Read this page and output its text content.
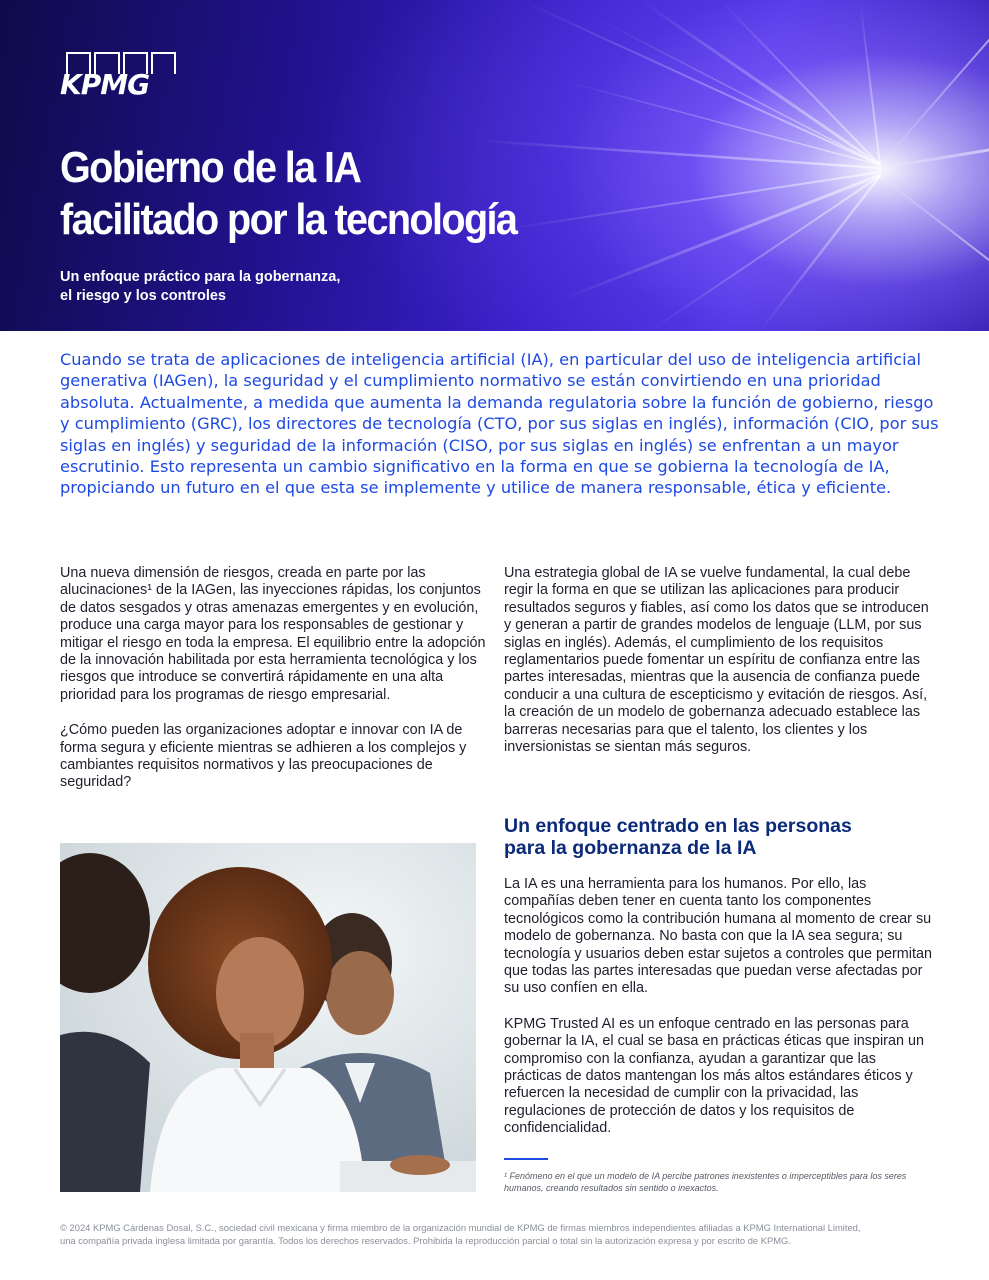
KPMG
Gobierno de la IA
facilitado por la tecnología
Un enfoque práctico para la gobernanza,
el riesgo y los controles

Cuando se trata de aplicaciones de inteligencia artificial (IA), en particular del uso de inteligencia artificial generativa (IAGen), la seguridad y el cumplimiento normativo se están convirtiendo en una prioridad absoluta. Actualmente, a medida que aumenta la demanda regulatoria sobre la función de gobierno, riesgo y cumplimiento (GRC), los directores de tecnología (CTO, por sus siglas en inglés), información (CIO, por sus siglas en inglés) y seguridad de la información (CISO, por sus siglas en inglés) se enfrentan a un mayor escrutinio. Esto representa un cambio significativo en la forma en que se gobierna la tecnología de IA, propiciando un futuro en el que esta se implemente y utilice de manera responsable, ética y eficiente.

Una nueva dimensión de riesgos, creada en parte por las alucinaciones¹ de la IAGen, las inyecciones rápidas, los conjuntos de datos sesgados y otras amenazas emergentes y en evolución, produce una carga mayor para los responsables de gestionar y mitigar el riesgo en toda la empresa. El equilibrio entre la adopción de la innovación habilitada por esta herramienta tecnológica y los riesgos que introduce se convertirá rápidamente en una alta prioridad para los programas de riesgo empresarial.

¿Cómo pueden las organizaciones adoptar e innovar con IA de forma segura y eficiente mientras se adhieren a los complejos y cambiantes requisitos normativos y las preocupaciones de seguridad?

Una estrategia global de IA se vuelve fundamental, la cual debe regir la forma en que se utilizan las aplicaciones para producir resultados seguros y fiables, así como los datos que se introducen y generan a partir de grandes modelos de lenguaje (LLM, por sus siglas en inglés). Además, el cumplimiento de los requisitos reglamentarios puede fomentar un espíritu de confianza entre las partes interesadas, mientras que la ausencia de confianza puede conducir a una cultura de escepticismo y evitación de riesgos. Así, la creación de un modelo de gobernanza adecuado establece las barreras necesarias para que el talento, los clientes y los inversionistas se sientan más seguros.

Un enfoque centrado en las personas
para la gobernanza de la IA

La IA es una herramienta para los humanos. Por ello, las compañías deben tener en cuenta tanto los componentes tecnológicos como la contribución humana al momento de crear su modelo de gobernanza. No basta con que la IA sea segura; su tecnología y usuarios deben estar sujetos a controles que permitan que todas las partes interesadas que puedan verse afectadas por su uso confíen en ella.

KPMG Trusted AI es un enfoque centrado en las personas para gobernar la IA, el cual se basa en prácticas éticas que inspiran un compromiso con la confianza, ayudan a garantizar que las prácticas de datos mantengan los más altos estándares éticos y refuercen la necesidad de cumplir con la privacidad, las regulaciones de protección de datos y los requisitos de confidencialidad.

¹ Fenómeno en el que un modelo de IA percibe patrones inexistentes o imperceptibles para los seres humanos, creando resultados sin sentido o inexactos.

© 2024 KPMG Cárdenas Dosal, S.C., sociedad civil mexicana y firma miembro de la organización mundial de KPMG de firmas miembros independientes afiliadas a KPMG International Limited,
una compañía privada inglesa limitada por garantía. Todos los derechos reservados. Prohibida la reproducción parcial o total sin la autorización expresa y por escrito de KPMG.
